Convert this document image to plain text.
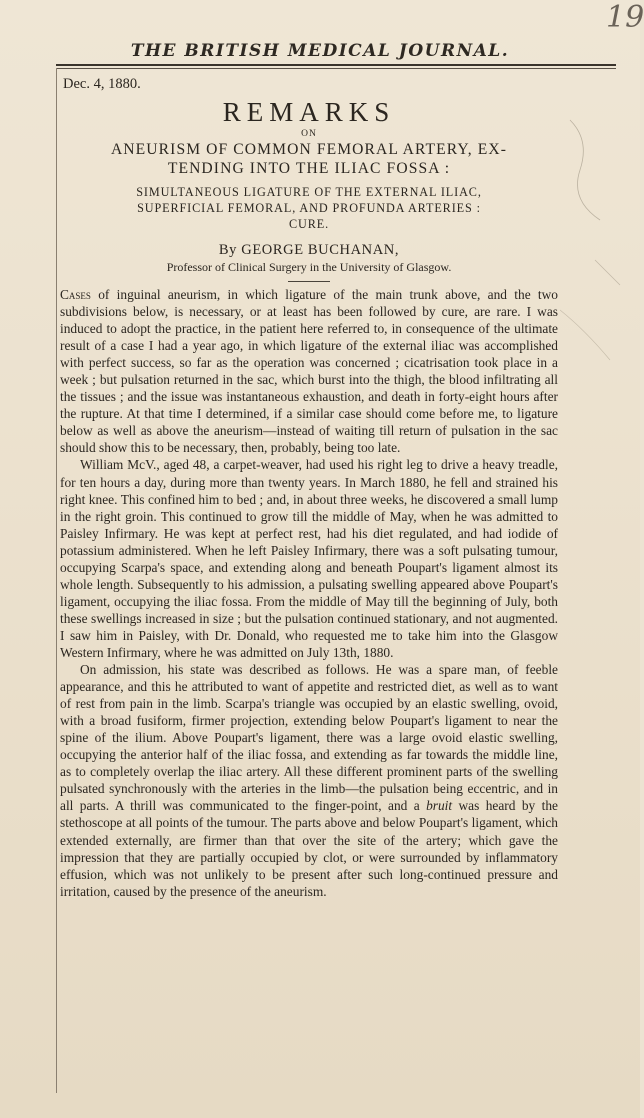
19
THE BRITISH MEDICAL JOURNAL.
Dec. 4, 1880.
REMARKS
ON
ANEURISM OF COMMON FEMORAL ARTERY, EX-
TENDING INTO THE ILIAC FOSSA :
SIMULTANEOUS LIGATURE OF THE EXTERNAL ILIAC,
SUPERFICIAL FEMORAL, AND PROFUNDA ARTERIES :
CURE.
By GEORGE BUCHANAN,
Professor of Clinical Surgery in the University of Glasgow.

Cases of inguinal aneurism, in which ligature of the main trunk above, and the two subdivisions below, is necessary, or at least has been followed by cure, are rare. I was induced to adopt the practice, in the patient here referred to, in consequence of the ultimate result of a case I had a year ago, in which ligature of the external iliac was accomplished with perfect success, so far as the operation was concerned ; cicatrisation took place in a week ; but pulsation returned in the sac, which burst into the thigh, the blood infiltrating all the tissues ; and the issue was instantaneous exhaustion, and death in forty-eight hours after the rupture. At that time I determined, if a similar case should come before me, to ligature below as well as above the aneurism—instead of waiting till return of pulsation in the sac should show this to be necessary, then, probably, being too late.

William McV., aged 48, a carpet-weaver, had used his right leg to drive a heavy treadle, for ten hours a day, during more than twenty years. In March 1880, he fell and strained his right knee. This confined him to bed ; and, in about three weeks, he discovered a small lump in the right groin. This continued to grow till the middle of May, when he was admitted to Paisley Infirmary. He was kept at perfect rest, had his diet regulated, and had iodide of potassium administered. When he left Paisley Infirmary, there was a soft pulsating tumour, occupying Scarpa's space, and extending along and beneath Poupart's ligament almost its whole length. Subsequently to his admission, a pulsating swelling appeared above Poupart's ligament, occupying the iliac fossa. From the middle of May till the beginning of July, both these swellings increased in size ; but the pulsation continued stationary, and not augmented. I saw him in Paisley, with Dr. Donald, who requested me to take him into the Glasgow Western Infirmary, where he was admitted on July 13th, 1880.

On admission, his state was described as follows. He was a spare man, of feeble appearance, and this he attributed to want of appetite and restricted diet, as well as to want of rest from pain in the limb. Scarpa's triangle was occupied by an elastic swelling, ovoid, with a broad fusiform, firmer projection, extending below Poupart's ligament to near the spine of the ilium. Above Poupart's ligament, there was a large ovoid elastic swelling, occupying the anterior half of the iliac fossa, and extending as far towards the middle line, as to completely overlap the iliac artery. All these different prominent parts of the swelling pulsated synchronously with the arteries in the limb—the pulsation being eccentric, and in all parts. A thrill was communicated to the finger-point, and a bruit was heard by the stethoscope at all points of the tumour. The parts above and below Poupart's ligament, which extended externally, are firmer than that over the site of the artery; which gave the impression that they are partially occupied by clot, or were surrounded by inflammatory effusion, which was not unlikely to be present after such long-continued pressure and irritation, caused by the presence of the aneurism.
